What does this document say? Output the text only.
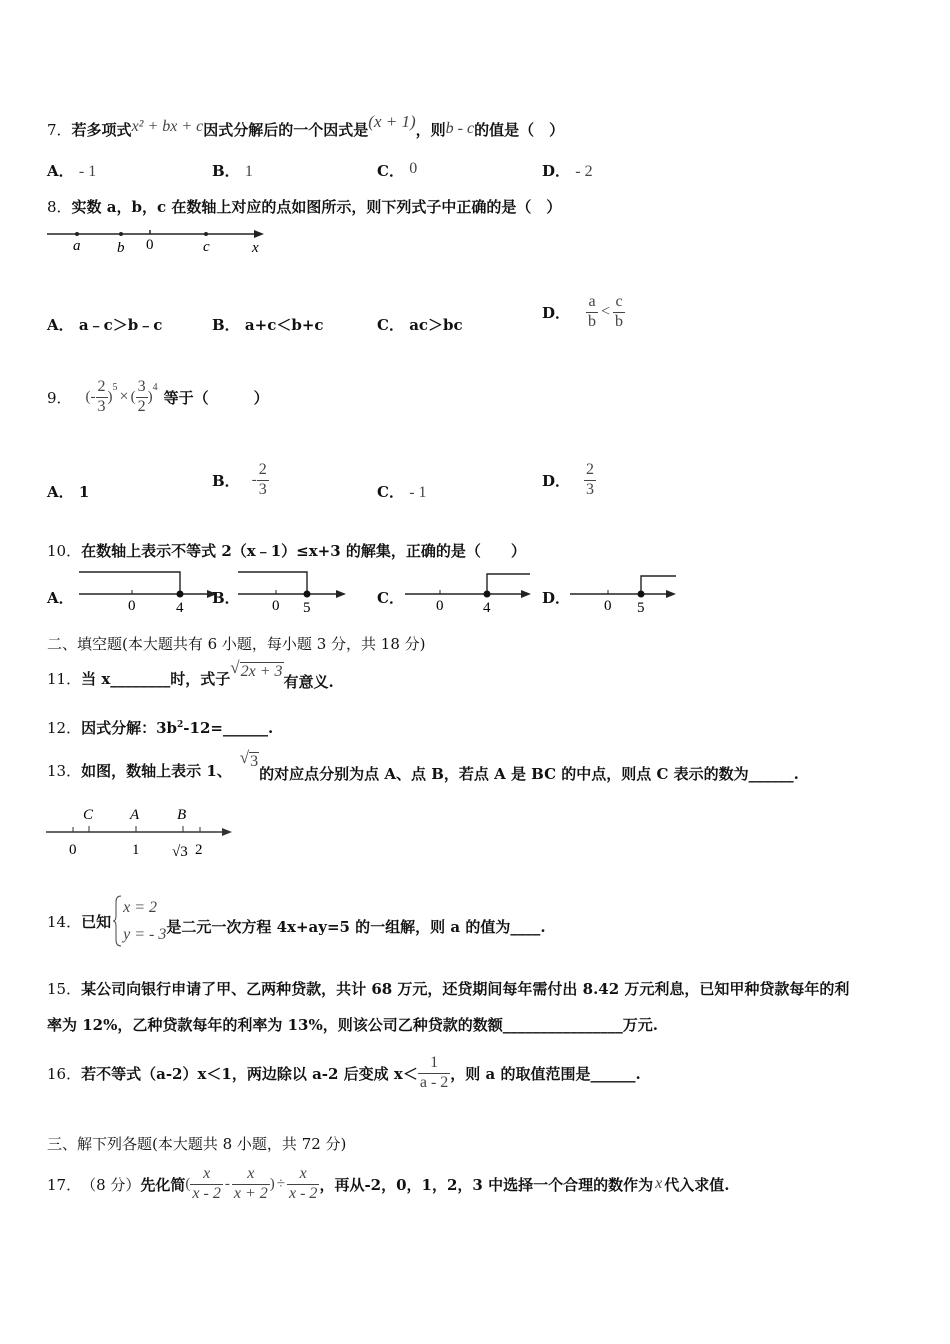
7．若多项式x² + bx + c因式分解后的一个因式是(x + 1)，则b - c的值是（　）
A． - 1	B． 1	C． 0	D． - 2
8．实数 a，b，c 在数轴上对应的点如图所示，则下列式子中正确的是（　）
a b 0	c	x
A． a﹣c＞b﹣c	B． a+c＜b+c	C． ac＞bc
D． $\frac{a}{b} < \frac{c}{b}$
9． (- $\frac{2}{3}$ )
$^5$
× ( $\frac{3}{2}$ )
$^4$
等于（　　　）
A． 1
B． - $\frac{2}{3}$	C． - 1
D． $\frac{2}{3}$
10．在数轴上表示不等式 2（x﹣1）≤x+3 的解集，正确的是（　　）
A．	0	4
B． 0 5
C． 0	4
D． 0 5
二、填空题(本大题共有 6 小题，每小题 3 分，共 18 分)
11． 当 x________时，式子
√ 2x + 3
有意义.
12．因式分解：$3b^2-12=\_\_\_\_\_\_$.
13． 如图，数轴上表示 1、
√ 3
的对应点分别为点 A、点 B，若点 A 是 BC 的中点，则点 C 表示的数为______.
C A	B
0	1 √3 2
14． 已知
x = 2
y = - 3 是二元一次方程 4x+ay=5 的一组解，则 a 的值为____.
15．某公司向银行申请了甲、乙两种贷款，共计 68 万元，还贷期间每年需付出 8.42 万元利息，已知甲种贷款每年的利
率为 12%，乙种贷款每年的利率为 13%，则该公司乙种贷款的数额________________万元.
16． 若不等式（a-2）x＜1，两边除以 a-2 后变成 $x< \frac{1}{a - 2}$ ，则 a 的取值范围是______.
三、解下列各题(本大题共 8 小题，共 72 分)
17． （8 分） 先化简 ( $\frac{x}{x - 2} - \frac{x}{x + 2}$ ) ÷ $\frac{x}{x - 2}$ ，再从-2，0，1，2，3 中选择一个合理的数作为 x 代入求值.
